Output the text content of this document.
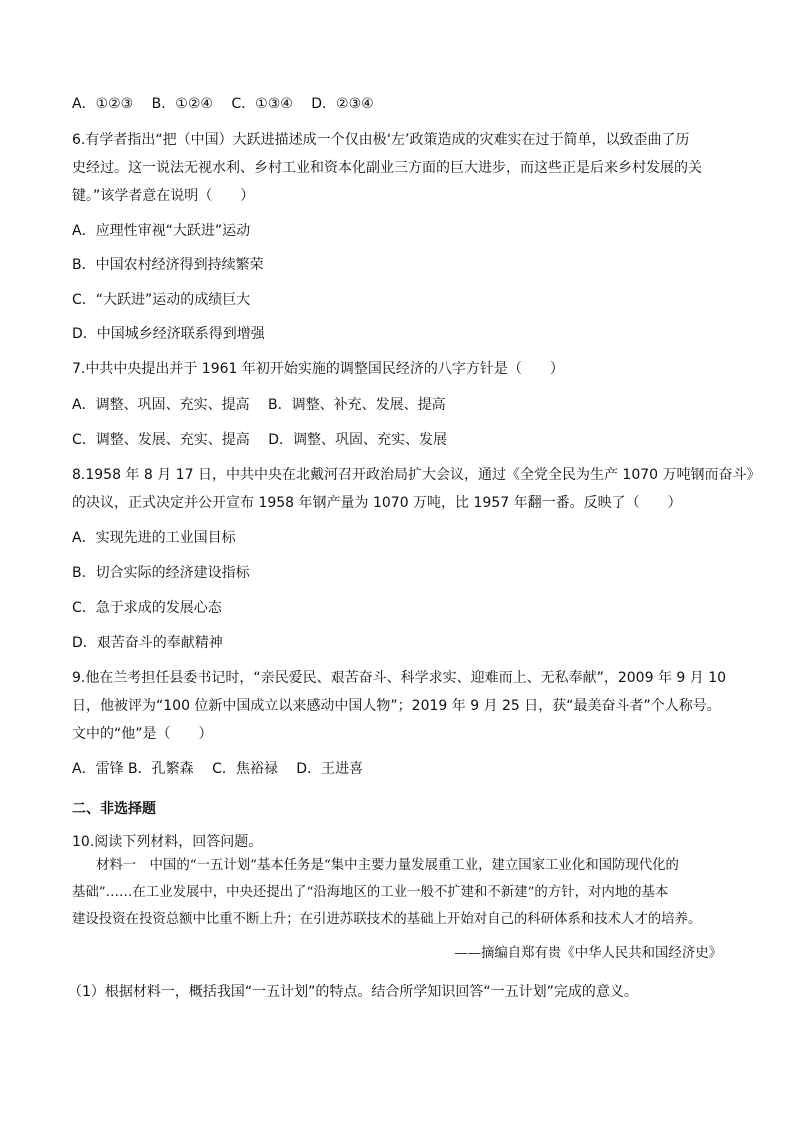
A．①②③　 B．①②④　 C．①③④　 D．②③④
6.有学者指出“把（中国）大跃进描述成一个仅由极‘左’政策造成的灾难实在过于简单，以致歪曲了历
史经过。这一说法无视水利、乡村工业和资本化副业三方面的巨大进步，而这些正是后来乡村发展的关
键。”该学者意在说明（　　）
A．应理性审视“大跃进”运动
B．中国农村经济得到持续繁荣
C．“大跃进”运动的成绩巨大
D．中国城乡经济联系得到增强
7.中共中央提出并于 1961 年初开始实施的调整国民经济的八字方针是（　　）
A．调整、巩固、充实、提高　 B．调整、补充、发展、提高
C．调整、发展、充实、提高　 D．调整、巩固、充实、发展
8.1958 年 8 月 17 日，中共中央在北戴河召开政治局扩大会议，通过《全党全民为生产 1070 万吨钢而奋斗》
的决议，正式决定并公开宣布 1958 年钢产量为 1070 万吨，比 1957 年翻一番。反映了（　　）
A．实现先进的工业国目标
B．切合实际的经济建设指标
C．急于求成的发展心态
D．艰苦奋斗的奉献精神
9.他在兰考担任县委书记时，“亲民爱民、艰苦奋斗、科学求实、迎难而上、无私奉献”，2009 年 9 月 10
日，他被评为“100 位新中国成立以来感动中国人物”；2019 年 9 月 25 日，获“最美奋斗者”个人称号。
文中的“他”是（　　）
A．雷锋 B．孔繁森　 C．焦裕禄　 D．王进喜
二、非选择题
10.阅读下列材料，回答问题。
材料一　中国的“一五计划”基本任务是“集中主要力量发展重工业，建立国家工业化和国防现代化的
基础”……在工业发展中，中央还提出了“沿海地区的工业一般不扩建和不新建”的方针，对内地的基本
建设投资在投资总额中比重不断上升；在引进苏联技术的基础上开始对自己的科研体系和技术人才的培养。
——摘编自郑有贵《中华人民共和国经济史》
（1）根据材料一，概括我国“一五计划”的特点。结合所学知识回答“一五计划”完成的意义。
